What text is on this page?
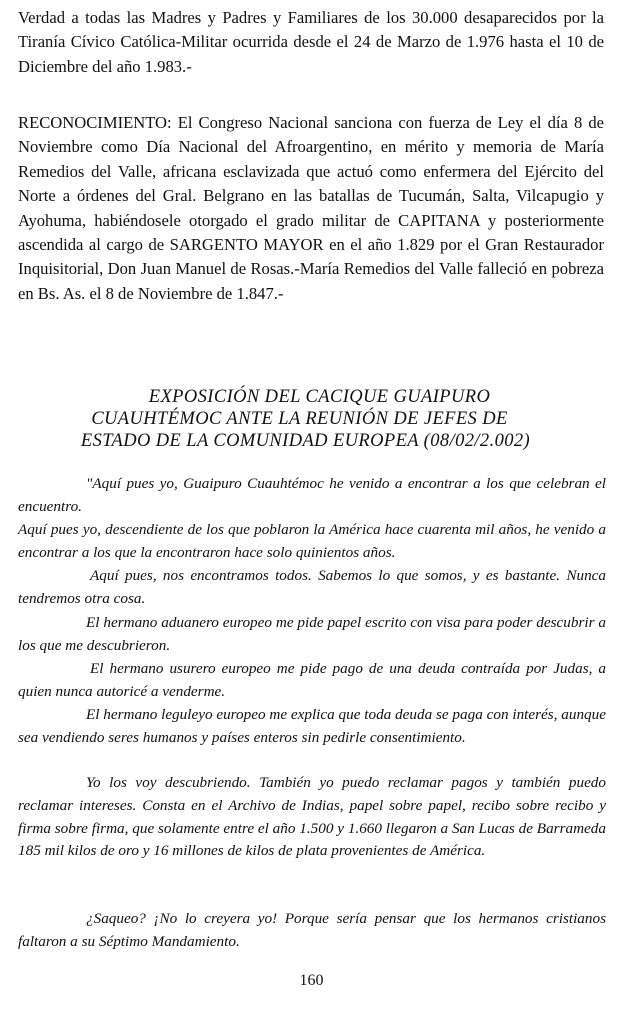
Verdad a todas las Madres y Padres y Familiares de los 30.000 desaparecidos por la Tiranía Cívico Católica-Militar ocurrida desde el 24 de Marzo de 1.976 hasta el 10 de Diciembre del año 1.983.-

RECONOCIMIENTO: El Congreso Nacional sanciona con fuerza de Ley el día 8 de Noviembre como Día Nacional del Afroargentino, en mérito y memoria de María Remedios del Valle, africana esclavizada que actuó como enfermera del Ejército del Norte a órdenes del Gral. Belgrano en las batallas de Tucumán, Salta, Vilcapugio y Ayohuma, habiéndosele otorgado el grado militar de CAPITANA y posteriormente ascendida al cargo de SARGENTO MAYOR en el año 1.829 por el Gran Restaurador Inquisitorial, Don Juan Manuel de Rosas.-María Remedios del Valle falleció en pobreza en Bs. As. el 8 de Noviembre de 1.847.-

EXPOSICIÓN DEL CACIQUE GUAIPURO

CUAUHTÉMOC ANTE LA REUNIÓN DE JEFES DE

ESTADO DE LA COMUNIDAD EUROPEA (08/02/2.002)

"Aquí pues yo, Guaipuro Cuauhtémoc he venido a encontrar a los que celebran el encuentro.

Aquí pues yo, descendiente de los que poblaron la América hace cuarenta mil años, he venido a encontrar a los que la encontraron hace solo quinientos años.

Aquí pues, nos encontramos todos. Sabemos lo que somos, y es bastante. Nunca tendremos otra cosa.

El hermano aduanero europeo me pide papel escrito con visa para poder descubrir a los que me descubrieron.

El hermano usurero europeo me pide pago de una deuda contraída por Judas, a quien nunca autoricé a venderme.

El hermano leguleyo europeo me explica que toda deuda se paga con interés, aunque sea vendiendo seres humanos y países enteros sin pedirle consentimiento.

Yo los voy descubriendo. También yo puedo reclamar pagos y también puedo reclamar intereses. Consta en el Archivo de Indias, papel sobre papel, recibo sobre recibo y firma sobre firma, que solamente entre el año 1.500 y 1.660 llegaron a San Lucas de Barrameda 185 mil kilos de oro y 16 millones de kilos de plata provenientes de América.

¿Saqueo? ¡No lo creyera yo! Porque sería pensar que los hermanos cristianos faltaron a su Séptimo Mandamiento.

160
